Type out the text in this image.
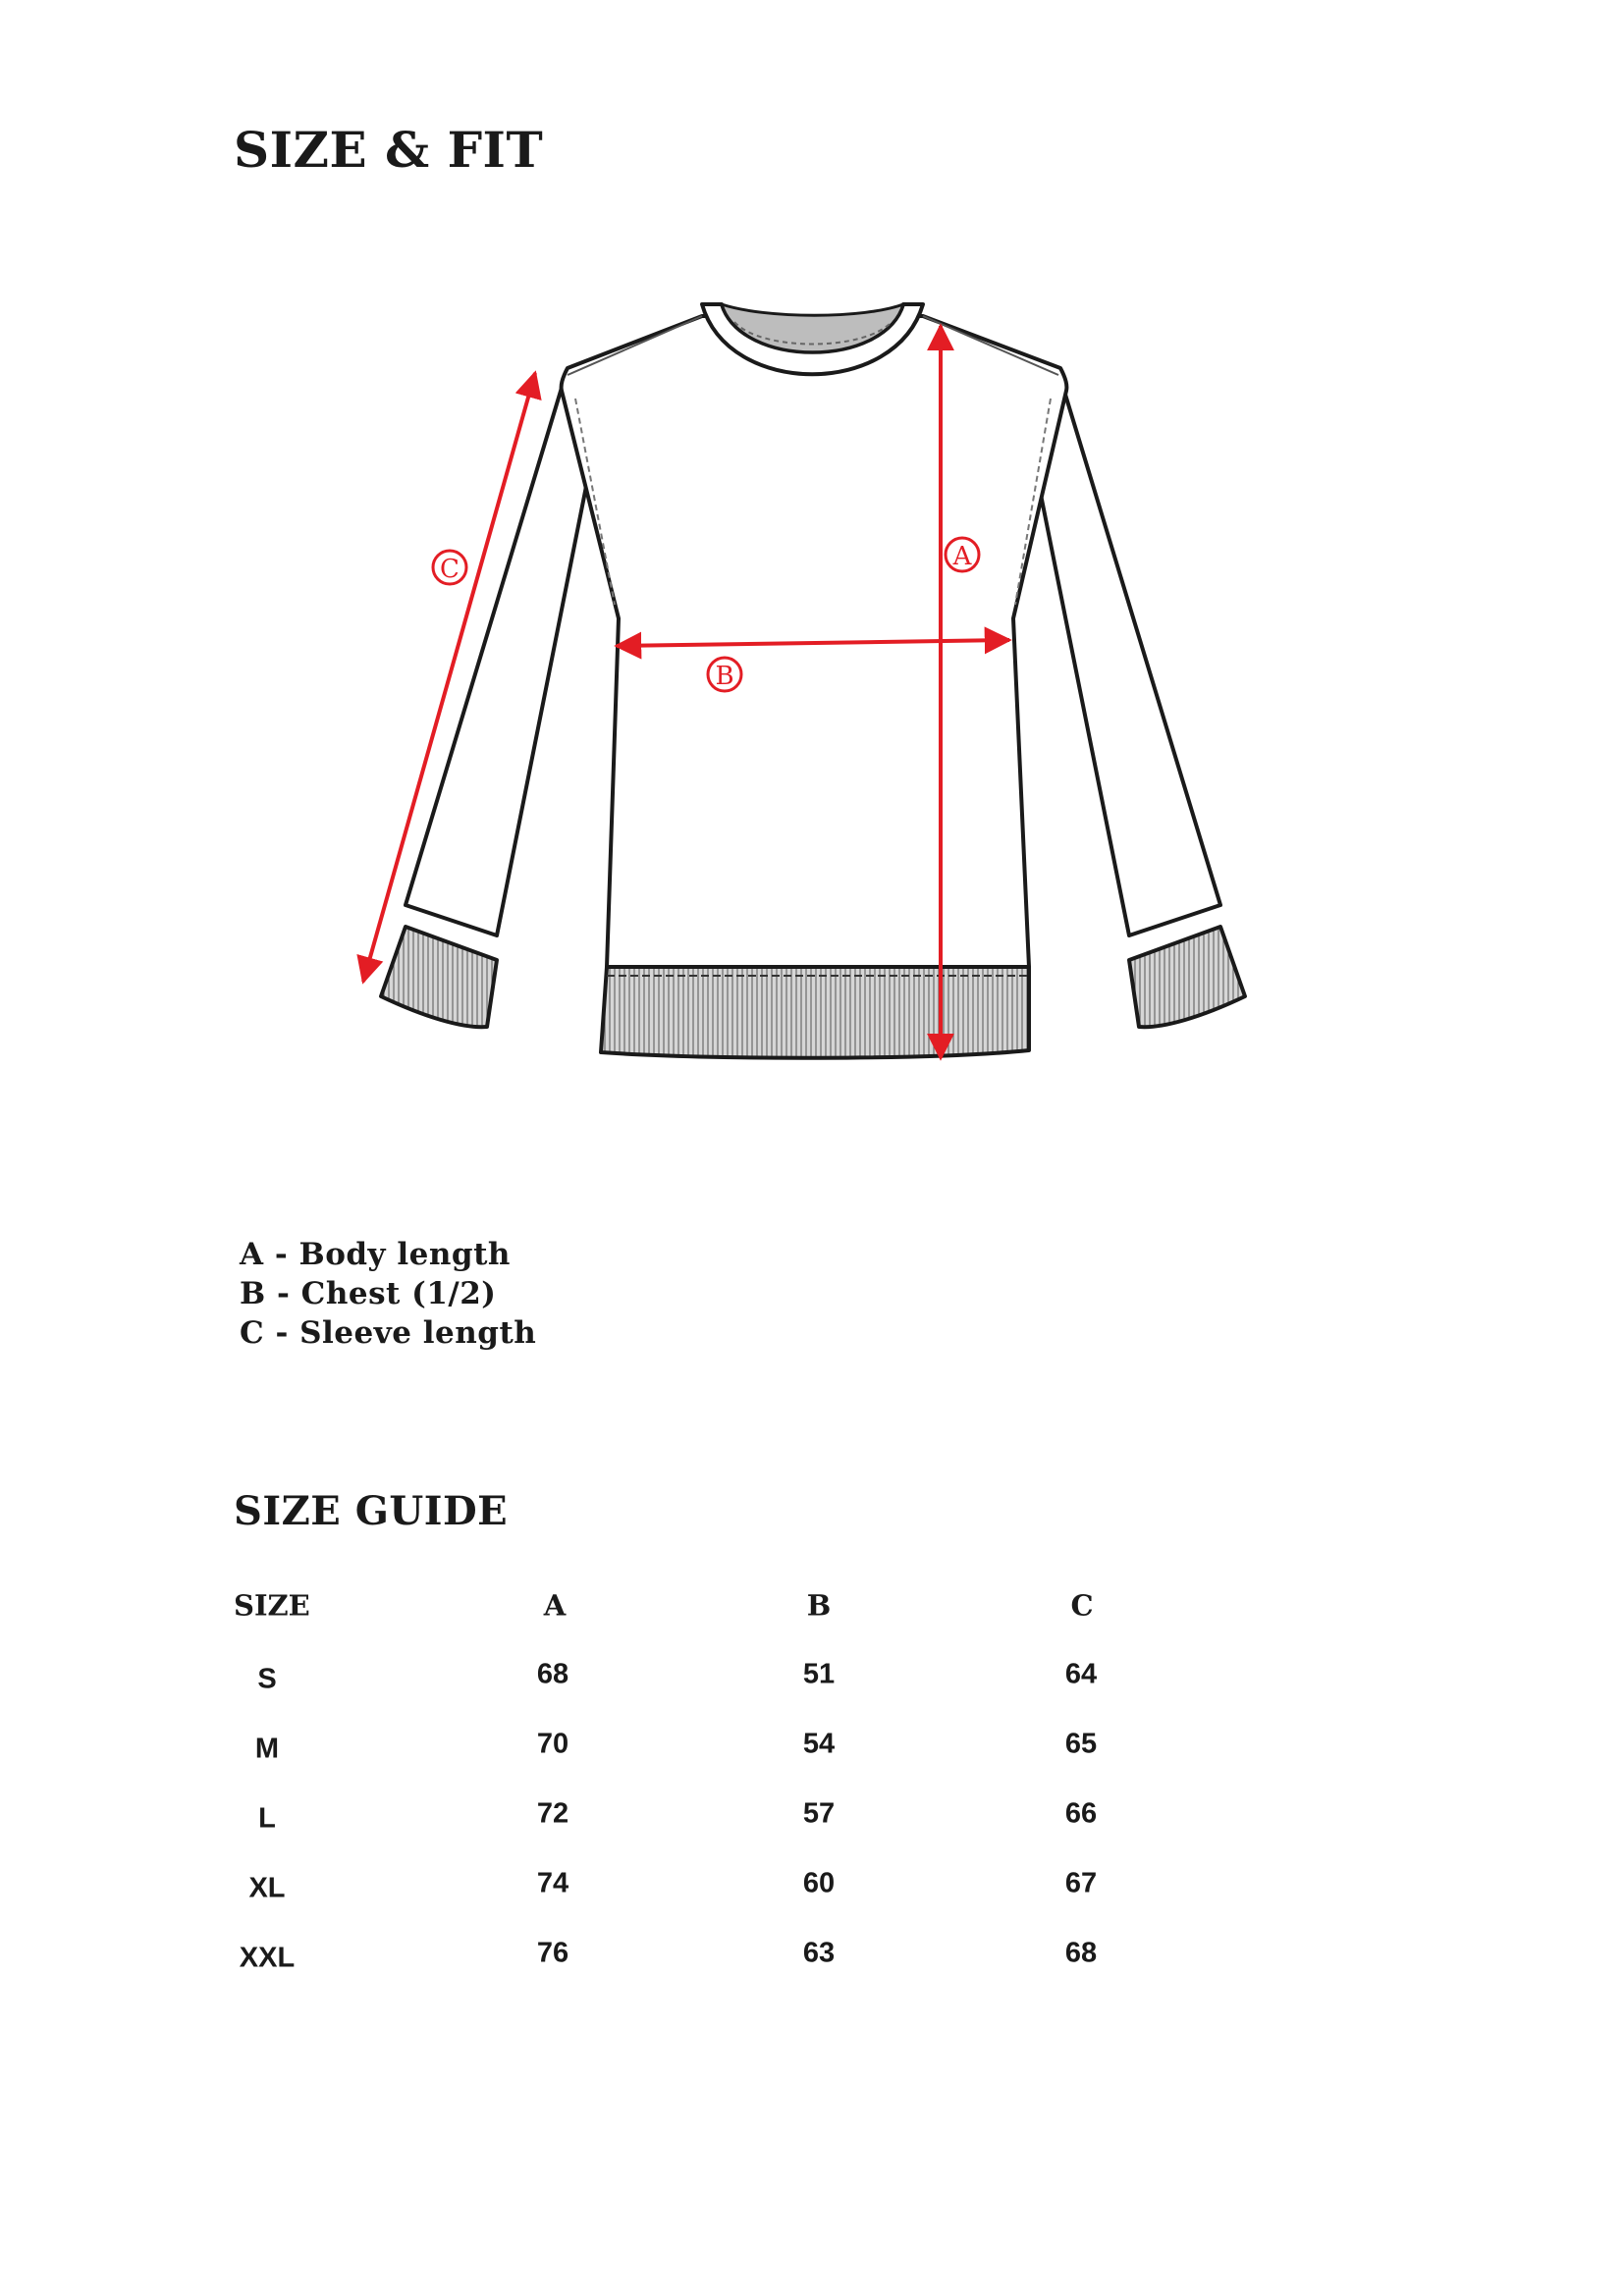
SIZE & FIT
A
B
C
A - Body length
B - Chest (1/2)
C - Sleeve length
SIZE GUIDE
SIZE	A	B	C
S	68	51	64
M	70	54	65
L	72	57	66
XL	74	60	67
XXL	76	63	68
